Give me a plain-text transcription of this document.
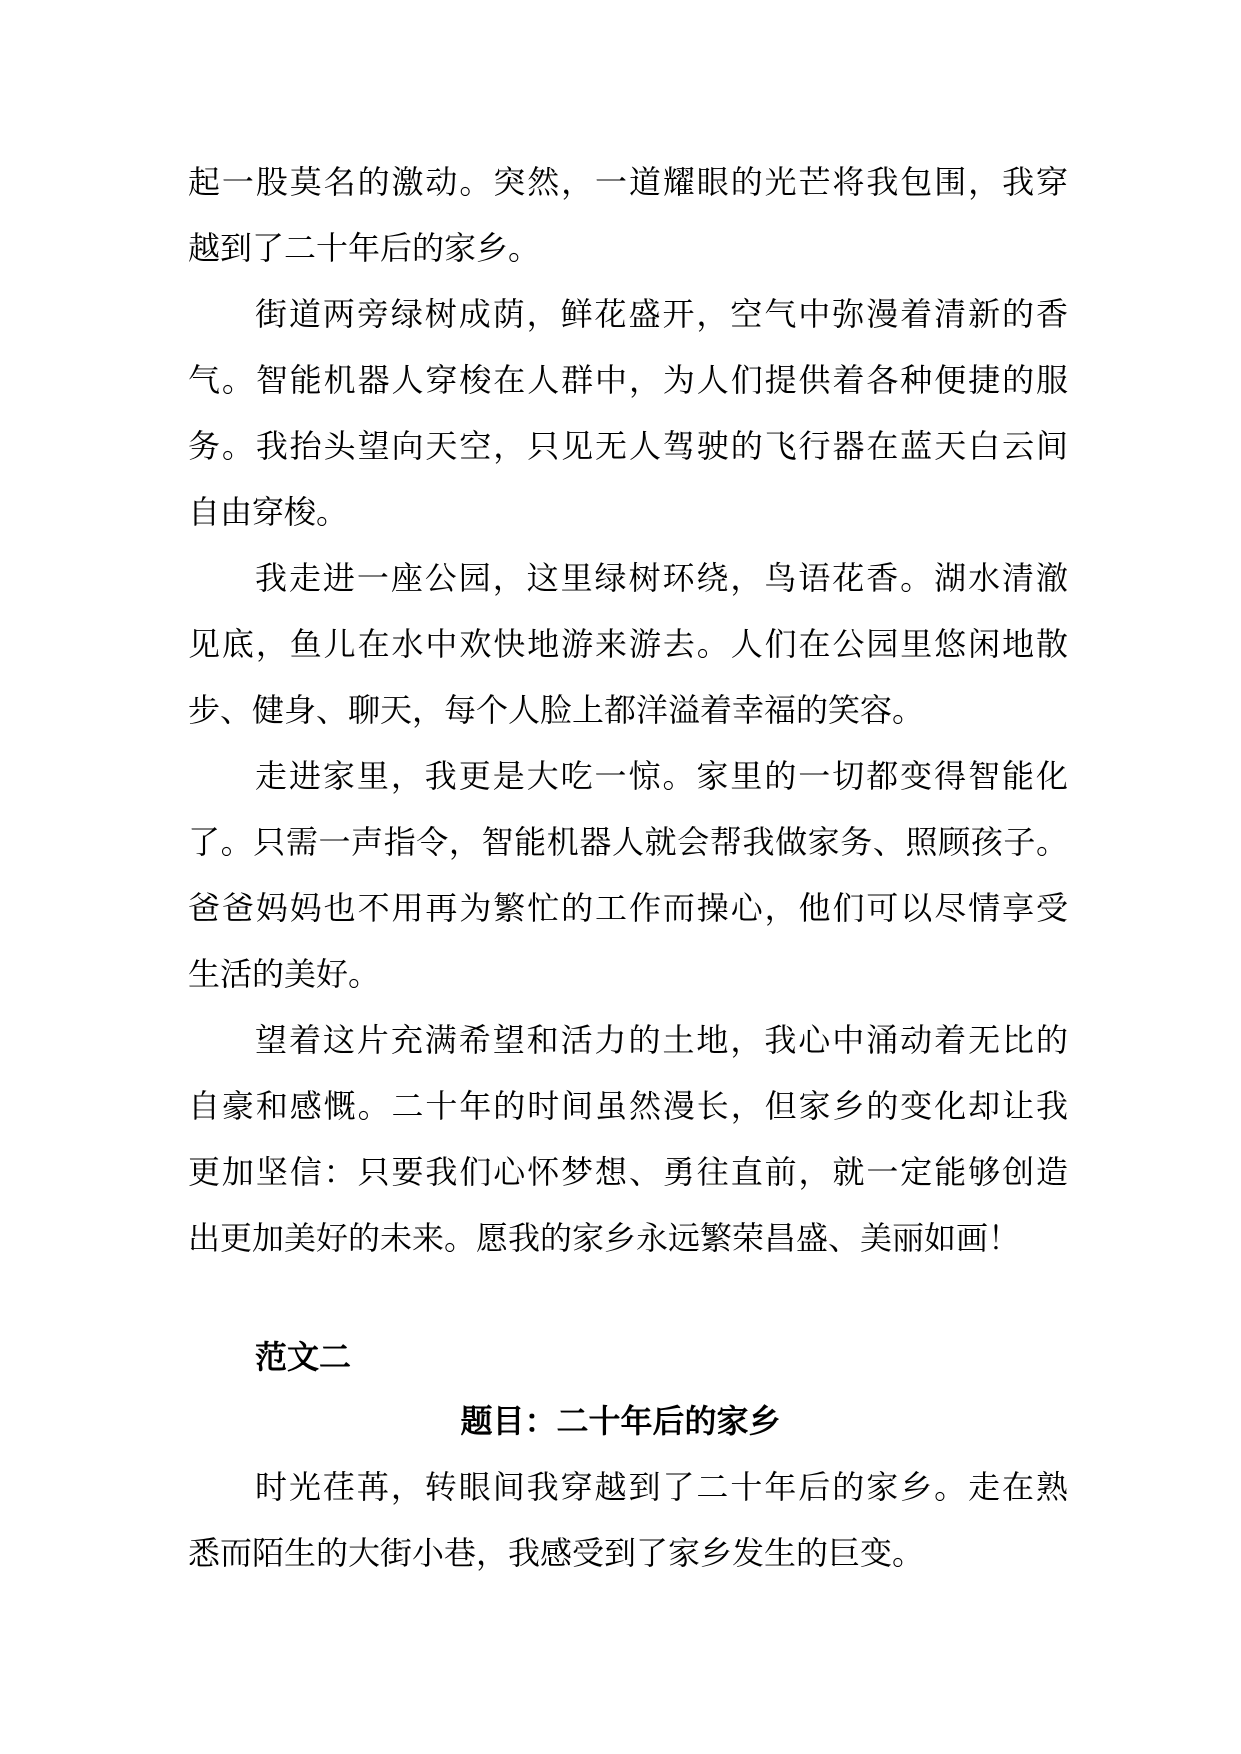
起一股莫名的激动。突然，一道耀眼的光芒将我包围，我穿
越到了二十年后的家乡。
街道两旁绿树成荫，鲜花盛开，空气中弥漫着清新的香
气。智能机器人穿梭在人群中，为人们提供着各种便捷的服
务。我抬头望向天空，只见无人驾驶的飞行器在蓝天白云间
自由穿梭。
我走进一座公园，这里绿树环绕，鸟语花香。湖水清澈
见底，鱼儿在水中欢快地游来游去。人们在公园里悠闲地散
步、健身、聊天，每个人脸上都洋溢着幸福的笑容。
走进家里，我更是大吃一惊。家里的一切都变得智能化
了。只需一声指令，智能机器人就会帮我做家务、照顾孩子。
爸爸妈妈也不用再为繁忙的工作而操心，他们可以尽情享受
生活的美好。
望着这片充满希望和活力的土地，我心中涌动着无比的
自豪和感慨。二十年的时间虽然漫长，但家乡的变化却让我
更加坚信：只要我们心怀梦想、勇往直前，就一定能够创造
出更加美好的未来。愿我的家乡永远繁荣昌盛、美丽如画！
范文二
题目：二十年后的家乡
时光荏苒，转眼间我穿越到了二十年后的家乡。走在熟
悉而陌生的大街小巷，我感受到了家乡发生的巨变。
